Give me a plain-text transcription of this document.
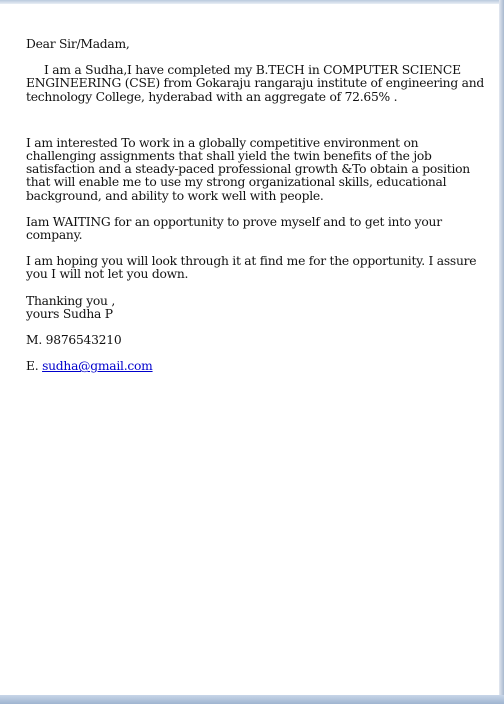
Dear Sir/Madam,

I am a Sudha,I have completed my B.TECH in COMPUTER SCIENCE ENGINEERING (CSE) from Gokaraju rangaraju institute of engineering and technology College, hyderabad with an aggregate of 72.65% .

I am interested To work in a globally competitive environment on challenging assignments that shall yield the twin benefits of the job satisfaction and a steady-paced professional growth &To obtain a position that will enable me to use my strong organizational skills, educational background, and ability to work well with people.

Iam WAITING for an opportunity to prove myself and to get into your company.

I am hoping you will look through it at find me for the opportunity. I assure you I will not let you down.

Thanking you ,

yours Sudha P

M. 9876543210

E. sudha@gmail.com
